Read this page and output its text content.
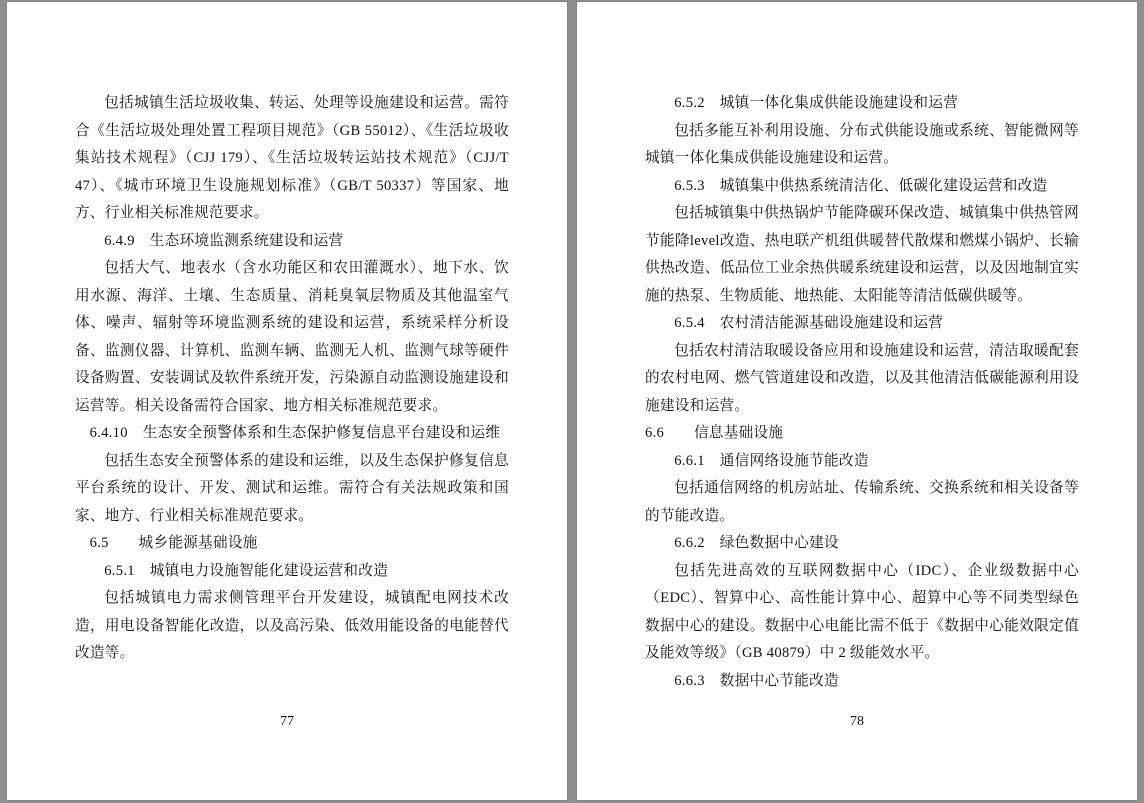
包括城镇生活垃圾收集、转运、处理等设施建设和运营。需符合《生活垃圾处理处置工程项目规范》（GB 55012）、《生活垃圾收集站技术规程》（CJJ 179）、《生活垃圾转运站技术规范》（CJJ/T 47）、《城市环境卫生设施规划标准》（GB/T 50337）等国家、地方、行业相关标准规范要求。

6.4.9　 生态环境监测系统建设和运营

包括大气、地表水（含水功能区和农田灌溉水）、地下水、饮用水源、海洋、土壤、生态质量、消耗臭氧层物质及其他温室气体、噪声、辐射等环境监测系统的建设和运营，系统采样分析设备、监测仪器、计算机、监测车辆、监测无人机、监测气球等硬件设备购置、安装调试及软件系统开发，污染源自动监测设施建设和运营等。相关设备需符合国家、地方相关标准规范要求。

6.4.10　 生态安全预警体系和生态保护修复信息平台建设和运维

包括生态安全预警体系的建设和运维，以及生态保护修复信息平台系统的设计、开发、测试和运维。需符合有关法规政策和国家、地方、行业相关标准规范要求。

6.5　　 城乡能源基础设施

6.5.1　 城镇电力设施智能化建设运营和改造

包括城镇电力需求侧管理平台开发建设，城镇配电网技术改造，用电设备智能化改造，以及高污染、低效用能设备的电能替代改造等。

77

6.5.2　 城镇一体化集成供能设施建设和运营

包括多能互补利用设施、分布式供能设施或系统、智能微网等城镇一体化集成供能设施建设和运营。

6.5.3　 城镇集中供热系统清洁化、低碳化建设运营和改造

包括城镇集中供热锅炉节能降碳环保改造、城镇集中供热管网节能降level改造、热电联产机组供暖替代散煤和燃煤小锅炉、长输供热改造、低品位工业余热供暖系统建设和运营，以及因地制宜实施的热泵、生物质能、地热能、太阳能等清洁低碳供暖等。

6.5.4　 农村清洁能源基础设施建设和运营

包括农村清洁取暖设备应用和设施建设和运营，清洁取暖配套的农村电网、燃气管道建设和改造，以及其他清洁低碳能源利用设施建设和运营。

6.6　　 信息基础设施

6.6.1　 通信网络设施节能改造

包括通信网络的机房站址、传输系统、交换系统和相关设备等的节能改造。

6.6.2　 绿色数据中心建设

包括先进高效的互联网数据中心（IDC）、企业级数据中心（EDC）、智算中心、高性能计算中心、超算中心等不同类型绿色数据中心的建设。数据中心电能比需不低于《数据中心能效限定值及能效等级》（GB 40879）中 2 级能效水平。

6.6.3　 数据中心节能改造

78
